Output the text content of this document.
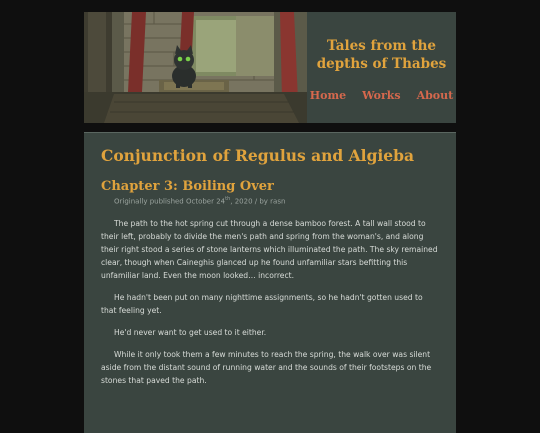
Tales from the
depths of Thabes
Home Works About
Conjunction of Regulus and Algieba
Chapter 3: Boiling Over
Originally published October 24th, 2020 / by rasn

The path to the hot spring cut through a dense bamboo forest. A tall wall stood to their left, probably to divide the men's path and spring from the woman's, and along their right stood a series of stone lanterns which illuminated the path. The sky remained clear, though when Caineghis glanced up he found unfamiliar stars befitting this unfamiliar land. Even the moon looked… incorrect.

He hadn't been put on many nighttime assignments, so he hadn't gotten used to that feeling yet.

He'd never want to get used to it either.

While it only took them a few minutes to reach the spring, the walk over was silent aside from the distant sound of running water and the sounds of their footsteps on the stones that paved the path.
